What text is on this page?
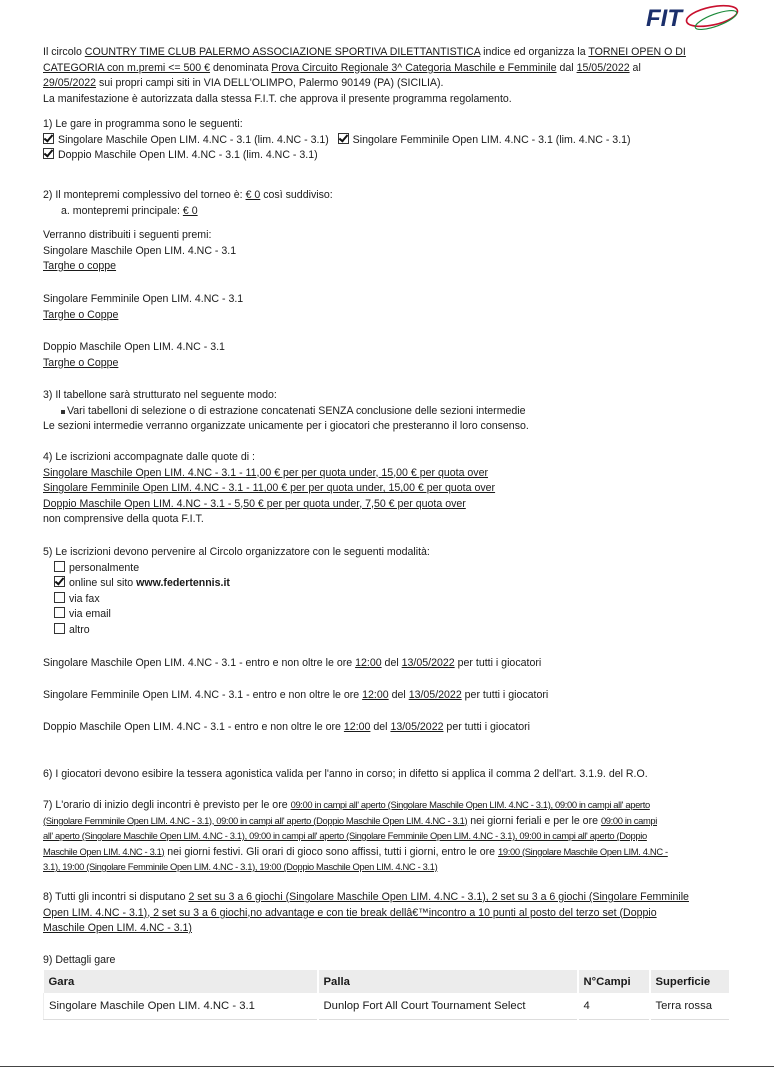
FIT

Il circolo COUNTRY TIME CLUB PALERMO ASSOCIAZIONE SPORTIVA DILETTANTISTICA indice ed organizza la TORNEI OPEN O DI

CATEGORIA con m.premi <= 500 € denominata Prova Circuito Regionale 3^ Categoria Maschile e Femminile dal 15/05/2022 al

29/05/2022 sui propri campi siti in VIA DELL'OLIMPO, Palermo 90149 (PA) (SICILIA).

La manifestazione è autorizzata dalla stessa F.I.T. che approva il presente programma regolamento.

1) Le gare in programma sono le seguenti:

Singolare Maschile Open LIM. 4.NC - 3.1 (lim. 4.NC - 3.1) Singolare Femminile Open LIM. 4.NC - 3.1 (lim. 4.NC - 3.1)

Doppio Maschile Open LIM. 4.NC - 3.1 (lim. 4.NC - 3.1)

2) Il montepremi complessivo del torneo è: € 0 così suddiviso:

a. montepremi principale: € 0

Verranno distribuiti i seguenti premi:

Singolare Maschile Open LIM. 4.NC - 3.1

Targhe o coppe

Singolare Femminile Open LIM. 4.NC - 3.1

Targhe o Coppe

Doppio Maschile Open LIM. 4.NC - 3.1

Targhe o Coppe

3) Il tabellone sarà strutturato nel seguente modo:

Vari tabelloni di selezione o di estrazione concatenati SENZA conclusione delle sezioni intermedie

Le sezioni intermedie verranno organizzate unicamente per i giocatori che presteranno il loro consenso.

4) Le iscrizioni accompagnate dalle quote di :

Singolare Maschile Open LIM. 4.NC - 3.1 - 11,00 € per per quota under, 15,00 € per quota over

Singolare Femminile Open LIM. 4.NC - 3.1 - 11,00 € per per quota under, 15,00 € per quota over

Doppio Maschile Open LIM. 4.NC - 3.1 - 5,50 € per per quota under, 7,50 € per quota over

non comprensive della quota F.I.T.

5) Le iscrizioni devono pervenire al Circolo organizzatore con le seguenti modalità:

personalmente

online sul sito www.federtennis.it

via fax

via email

altro

Singolare Maschile Open LIM. 4.NC - 3.1 - entro e non oltre le ore 12:00 del 13/05/2022 per tutti i giocatori

Singolare Femminile Open LIM. 4.NC - 3.1 - entro e non oltre le ore 12:00 del 13/05/2022 per tutti i giocatori

Doppio Maschile Open LIM. 4.NC - 3.1 - entro e non oltre le ore 12:00 del 13/05/2022 per tutti i giocatori

6) I giocatori devono esibire la tessera agonistica valida per l'anno in corso; in difetto si applica il comma 2 dell'art. 3.1.9. del R.O.

7) L'orario di inizio degli incontri è previsto per le ore 09:00 in campi all' aperto (Singolare Maschile Open LIM. 4.NC - 3.1), 09:00 in campi all' aperto

(Singolare Femminile Open LIM. 4.NC - 3.1), 09:00 in campi all' aperto (Doppio Maschile Open LIM. 4.NC - 3.1) nei giorni feriali e per le ore 09:00 in campi

all' aperto (Singolare Maschile Open LIM. 4.NC - 3.1), 09:00 in campi all' aperto (Singolare Femminile Open LIM. 4.NC - 3.1), 09:00 in campi all' aperto (Doppio

Maschile Open LIM. 4.NC - 3.1) nei giorni festivi. Gli orari di gioco sono affissi, tutti i giorni, entro le ore 19:00 (Singolare Maschile Open LIM. 4.NC -

3.1), 19:00 (Singolare Femminile Open LIM. 4.NC - 3.1), 19:00 (Doppio Maschile Open LIM. 4.NC - 3.1)

8) Tutti gli incontri si disputano 2 set su 3 a 6 giochi (Singolare Maschile Open LIM. 4.NC - 3.1), 2 set su 3 a 6 giochi (Singolare Femminile

Open LIM. 4.NC - 3.1), 2 set su 3 a 6 giochi,no advantage e con tie break dellâ€™incontro a 10 punti al posto del terzo set (Doppio

Maschile Open LIM. 4.NC - 3.1)

9) Dettagli gare

Gara	Palla	N°Campi	Superficie
Singolare Maschile Open LIM. 4.NC - 3.1	Dunlop Fort All Court Tournament Select	4	Terra rossa
